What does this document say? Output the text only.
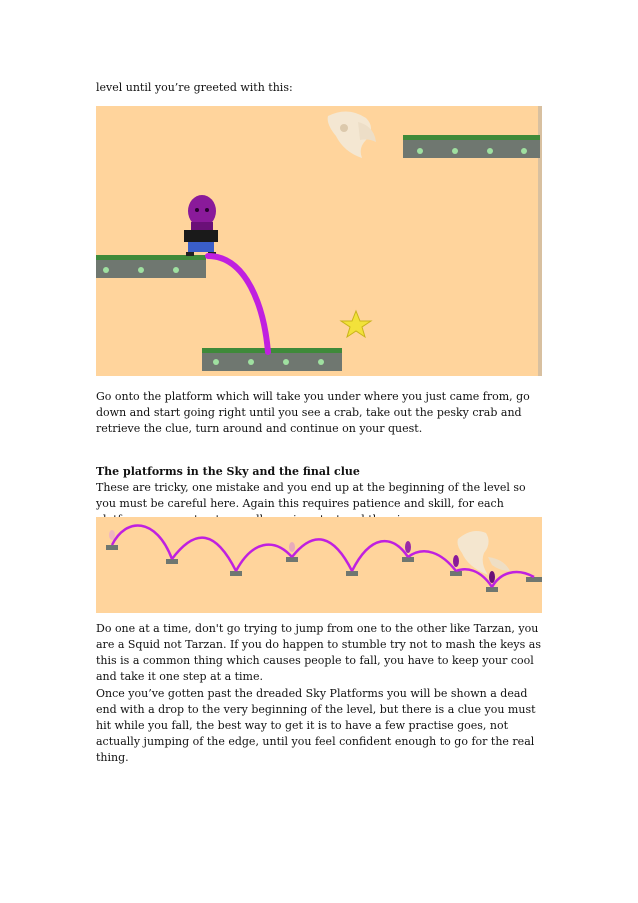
level until you’re greeted with this:

Go onto the platform which will take you under where you just came from, go down and start going right until you see a crab, take out the pesky crab and retrieve the clue, turn around and continue on your quest.

The platforms in the Sky and the final clue

These are tricky, one mistake and you end up at the beginning of the level so you must be careful here. Again this requires patience and skill, for each

Do one at a time, don't go trying to jump from one to the other like Tarzan, you are a Squid not Tarzan. If you do happen to stumble try not to mash the keys as this is a common thing which causes people to fall, you have to keep your cool and take it one step at a time.

Once you’ve gotten past the dreaded Sky Platforms you will be shown a dead end with a drop to the very beginning of the level, but there is a clue you must hit while you fall, the best way to get it is to have a few practise goes, not actually jumping of the edge, until you feel confident enough to go for the real thing.
